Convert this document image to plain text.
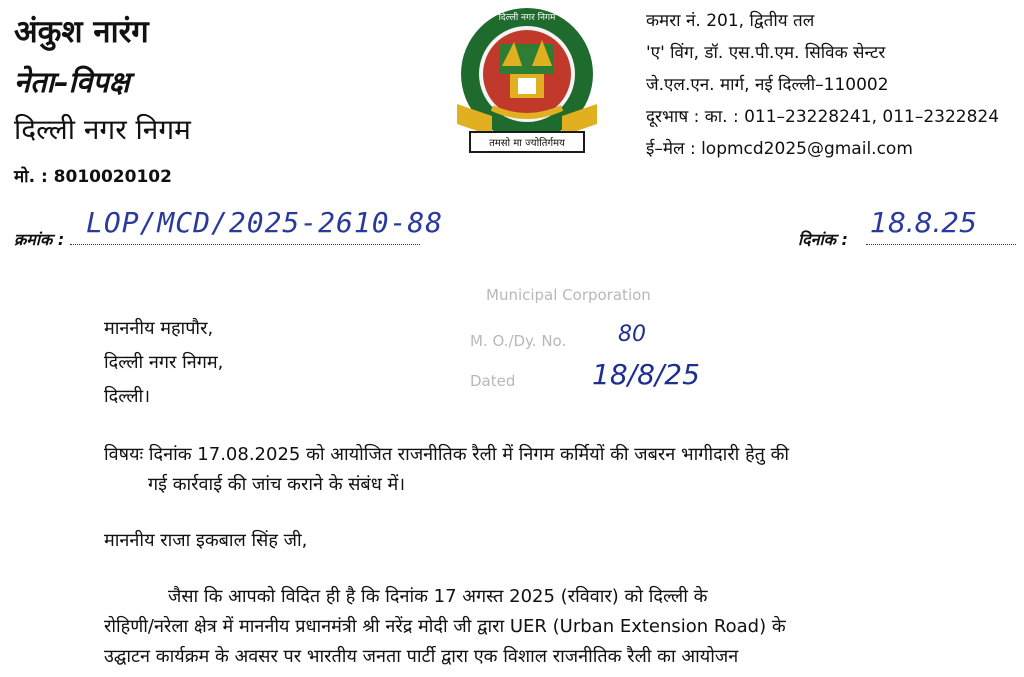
अंकुश नारंग
नेता–विपक्ष
दिल्ली नगर निगम
मो. : 8010020102
दिल्ली नगर निगम
तमसो मा ज्योतिर्गमय
कमरा नं. 201, द्वितीय तल
'ए' विंग, डॉ. एस.पी.एम. सिविक सेन्टर
जे.एल.एन. मार्ग, नई दिल्ली–110002
दूरभाष : का. : 011–23228241, 011–2322824
ई–मेल : lopmcd2025@gmail.com
क्रमांक :
LOP/MCD/2025-2610-88
दिनांक :
18.8.25
Municipal Corporation
M. O./Dy. No.
Dated
80
18/8/25
माननीय महापौर,
दिल्ली नगर निगम,
दिल्ली।
विषयः दिनांक 17.08.2025 को आयोजित राजनीतिक रैली में निगम कर्मियों की जबरन भागीदारी हेतु की
गई कार्रवाई की जांच कराने के संबंध में।
माननीय राजा इकबाल सिंह जी,
जैसा कि आपको विदित ही है कि दिनांक 17 अगस्त 2025 (रविवार) को दिल्ली के
रोहिणी/नरेला क्षेत्र में माननीय प्रधानमंत्री श्री नरेंद्र मोदी जी द्वारा UER (Urban Extension Road) के
उद्घाटन कार्यक्रम के अवसर पर भारतीय जनता पार्टी द्वारा एक विशाल राजनीतिक रैली का आयोजन
